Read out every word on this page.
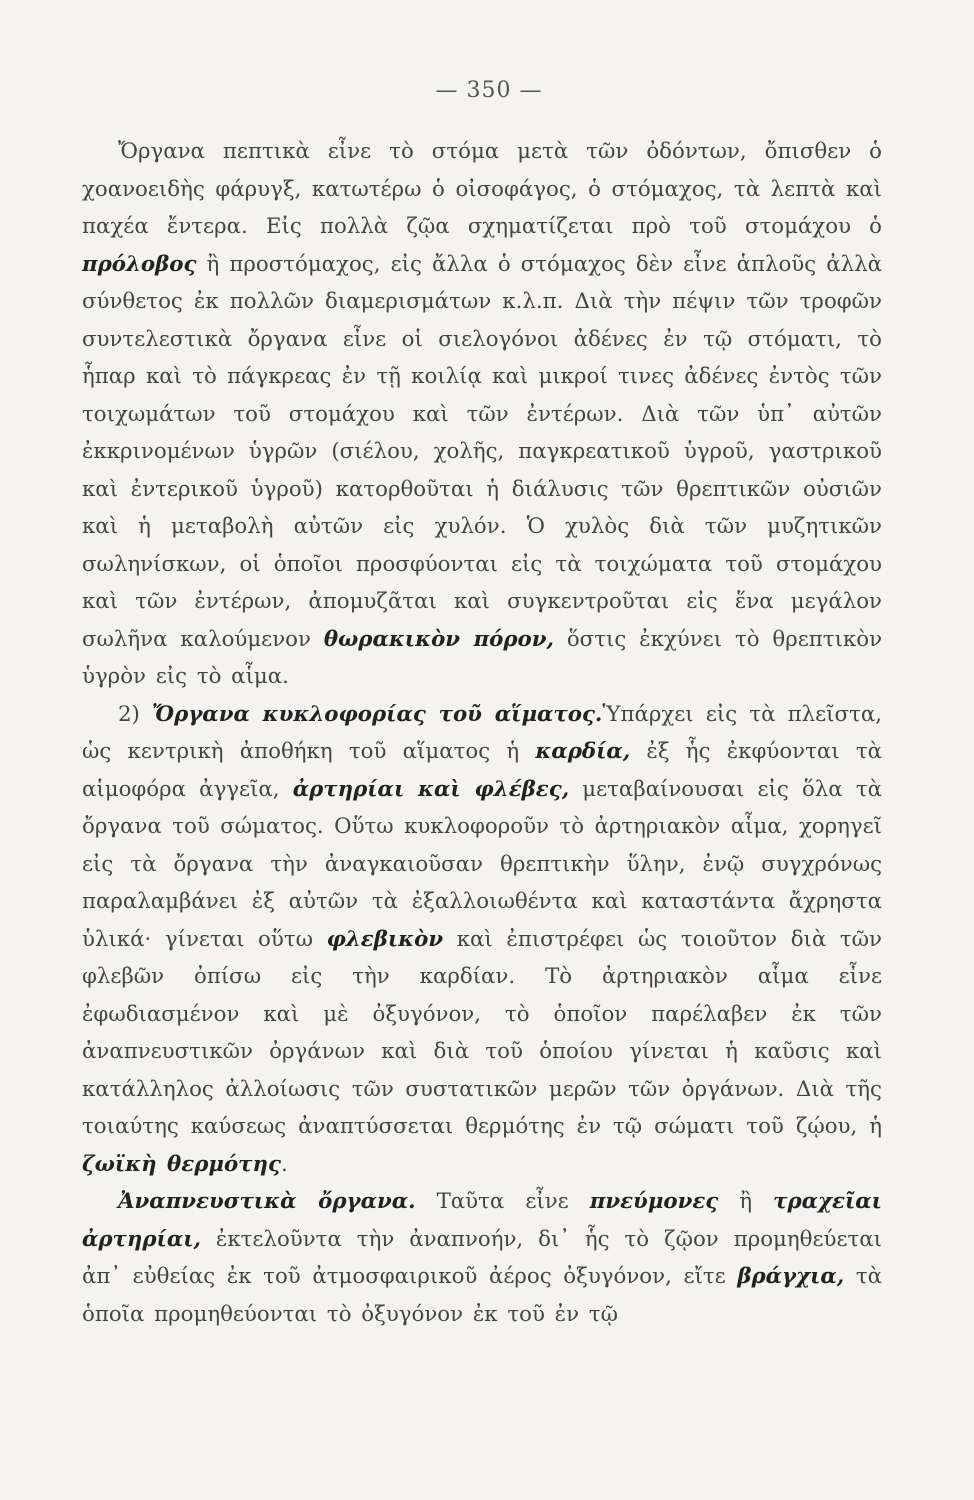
— 350 —

Ὄργανα πεπτικὰ εἶνε τὸ στόμα μετὰ τῶν ὀδόντων, ὄπισθεν ὁ χοανοειδὴς φάρυγξ, κατωτέρω ὁ οἰσοφάγος, ὁ στόμαχος, τὰ λεπτὰ καὶ παχέα ἔντερα. Εἰς πολλὰ ζῷα σχηματίζεται πρὸ τοῦ στομάχου ὁ πρόλοβος ἢ προστόμαχος, εἰς ἄλλα ὁ στόμαχος δὲν εἶνε ἁπλοῦς ἀλλὰ σύνθετος ἐκ πολλῶν διαμερισμάτων κ.λ.π. Διὰ τὴν πέψιν τῶν τροφῶν συντελεστικὰ ὄργανα εἶνε οἱ σιελογόνοι ἀδένες ἐν τῷ στόματι, τὸ ἧπαρ καὶ τὸ πάγκρεας ἐν τῇ κοιλίᾳ καὶ μικροί τινες ἀδένες ἐντὸς τῶν τοιχωμάτων τοῦ στομάχου καὶ τῶν ἐντέρων. Διὰ τῶν ὑπ᾿ αὐτῶν ἐκκρινομένων ὑγρῶν (σιέλου, χολῆς, παγκρεατικοῦ ὑγροῦ, γαστρικοῦ καὶ ἐντερικοῦ ὑγροῦ) κατορθοῦται ἡ διάλυσις τῶν θρεπτικῶν οὐσιῶν καὶ ἡ μεταβολὴ αὐτῶν εἰς χυλόν. Ὁ χυλὸς διὰ τῶν μυζητικῶν σωληνίσκων, οἱ ὁποῖοι προσφύονται εἰς τὰ τοιχώματα τοῦ στομάχου καὶ τῶν ἐντέρων, ἀπομυζᾶται καὶ συγκεντροῦται εἰς ἕνα μεγάλον σωλῆνα καλούμενον θωρακικὸν πόρον, ὅστις ἐκχύνει τὸ θρεπτικὸν ὑγρὸν εἰς τὸ αἷμα.

2) Ὄργανα κυκλοφορίας τοῦ αἵματος.Ὑπάρχει εἰς τὰ πλεῖστα, ὡς κεντρικὴ ἀποθήκη τοῦ αἵματος ἡ καρδία, ἐξ ἧς ἐκφύονται τὰ αἱμοφόρα ἀγγεῖα, ἀρτηρίαι καὶ φλέβες, μεταβαίνουσαι εἰς ὅλα τὰ ὄργανα τοῦ σώματος. Οὕτω κυκλοφοροῦν τὸ ἀρτηριακὸν αἷμα, χορηγεῖ εἰς τὰ ὄργανα τὴν ἀναγκαιοῦσαν θρεπτικὴν ὕλην, ἐνῷ συγχρόνως παραλαμβάνει ἐξ αὐτῶν τὰ ἐξαλλοιωθέντα καὶ καταστάντα ἄχρηστα ὑλικά· γίνεται οὕτω φλεβικὸν καὶ ἐπιστρέφει ὡς τοιοῦτον διὰ τῶν φλεβῶν ὀπίσω εἰς τὴν καρδίαν. Τὸ ἀρτηριακὸν αἷμα εἶνε ἐφωδιασμένον καὶ μὲ ὀξυγόνον, τὸ ὁποῖον παρέλαβεν ἐκ τῶν ἀναπνευστικῶν ὀργάνων καὶ διὰ τοῦ ὁποίου γίνεται ἡ καῦσις καὶ κατάλληλος ἀλλοίωσις τῶν συστατικῶν μερῶν τῶν ὀργάνων. Διὰ τῆς τοιαύτης καύσεως ἀναπτύσσεται θερμότης ἐν τῷ σώματι τοῦ ζῴου, ἡ ζωϊκὴ θερμότης.

Ἀναπνευστικὰ ὄργανα. Ταῦτα εἶνε πνεύμονες ἢ τραχεῖαι ἀρτηρίαι, ἐκτελοῦντα τὴν ἀναπνοήν, δι᾿ ἧς τὸ ζῷον προμηθεύεται ἀπ᾿ εὐθείας ἐκ τοῦ ἀτμοσφαιρικοῦ ἀέρος ὀξυγόνον, εἴτε βράγχια, τὰ ὁποῖα προμηθεύονται τὸ ὀξυγόνον ἐκ τοῦ ἐν τῷ
